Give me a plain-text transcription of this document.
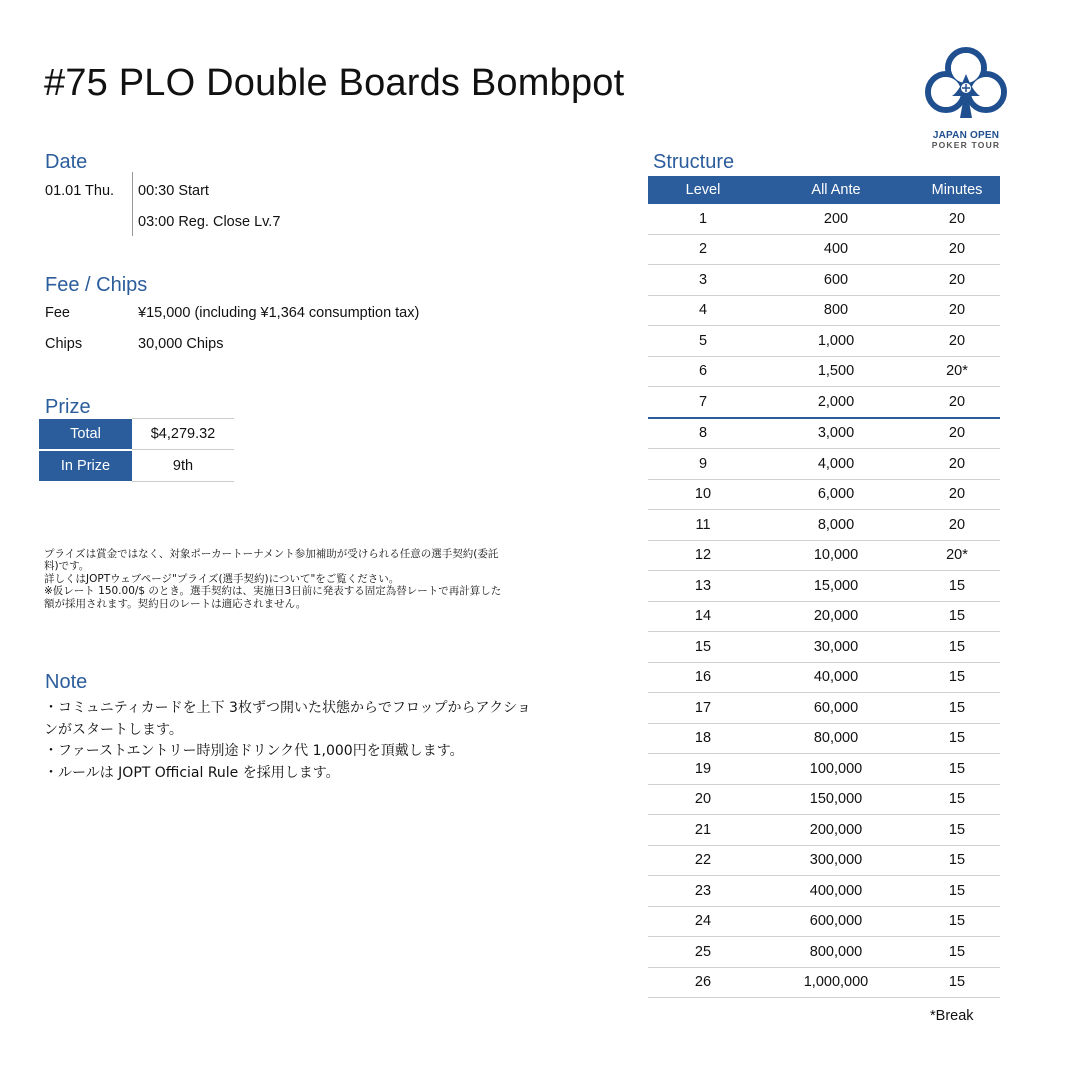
#75 PLO Double Boards Bombpot
JAPAN OPEN
POKER TOUR
Date
01.01 Thu. 00:30 Start
03:00 Reg. Close Lv.7
Fee / Chips
Fee	¥15,000 (including ¥1,364 consumption tax)
Chips	30,000 Chips
Prize
Total	$4,279.32
In Prize	9th
プライズは賞金ではなく、対象ポーカートーナメント参加補助が受けられる任意の選手契約(委託
料)です。
詳しくはJOPTウェブページ"プライズ(選手契約)について"をご覧ください。
※仮レート 150.00/$ のとき。選手契約は、実施日3日前に発表する固定為替レートで再計算した
額が採用されます。契約日のレートは適応されません。
Note
・コミュニティカードを上下 3枚ずつ開いた状態からでフロップからアクショ
ンがスタートします。
・ファーストエントリー時別途ドリンク代 1,000円を頂戴します。
・ルールは JOPT Official Rule を採用します。
Structure
Level	All Ante	Minutes
1	200	20
2	400	20
3	600	20
4	800	20
5	1,000	20
6	1,500	20*
7	2,000	20
8	3,000	20
9	4,000	20
10	6,000	20
11	8,000	20
12	10,000	20*
13	15,000	15
14	20,000	15
15	30,000	15
16	40,000	15
17	60,000	15
18	80,000	15
19	100,000	15
20	150,000	15
21	200,000	15
22	300,000	15
23	400,000	15
24	600,000	15
25	800,000	15
26	1,000,000	15
*Break
